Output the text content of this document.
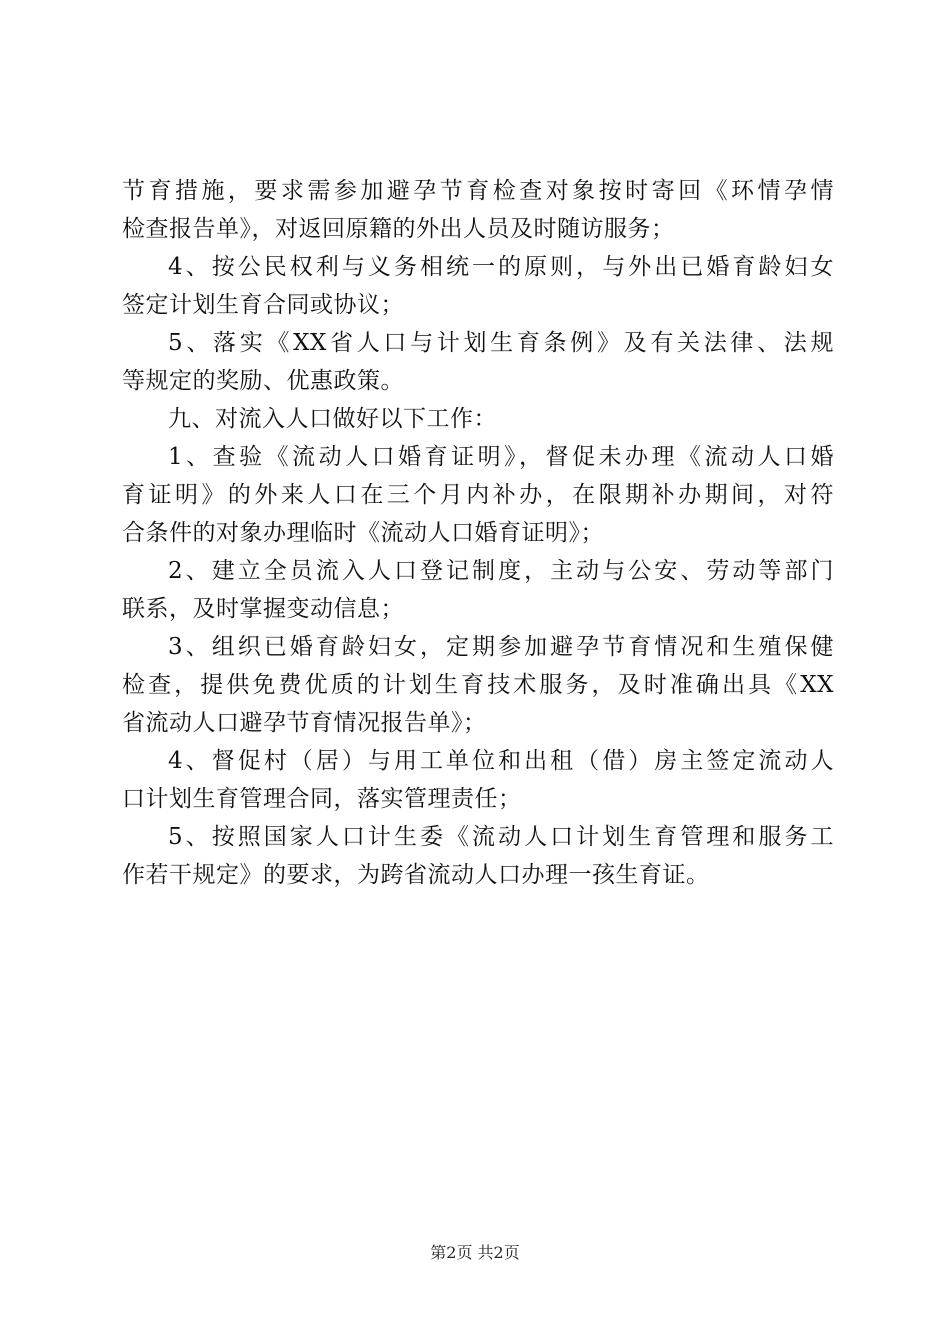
节育措施，要求需参加避孕节育检查对象按时寄回《环情孕情
检查报告单》，对返回原籍的外出人员及时随访服务；
4、按公民权利与义务相统一的原则，与外出已婚育龄妇女
签定计划生育合同或协议；
5、落实《XX省人口与计划生育条例》及有关法律、法规
等规定的奖励、优惠政策。
九、对流入人口做好以下工作：
1、查验《流动人口婚育证明》，督促未办理《流动人口婚
育证明》的外来人口在三个月内补办，在限期补办期间，对符
合条件的对象办理临时《流动人口婚育证明》；
2、建立全员流入人口登记制度，主动与公安、劳动等部门
联系，及时掌握变动信息；
3、组织已婚育龄妇女，定期参加避孕节育情况和生殖保健
检查，提供免费优质的计划生育技术服务，及时准确出具《XX
省流动人口避孕节育情况报告单》；
4、督促村（居）与用工单位和出租（借）房主签定流动人
口计划生育管理合同，落实管理责任；
5、按照国家人口计生委《流动人口计划生育管理和服务工
作若干规定》的要求，为跨省流动人口办理一孩生育证。
第2页 共2页
